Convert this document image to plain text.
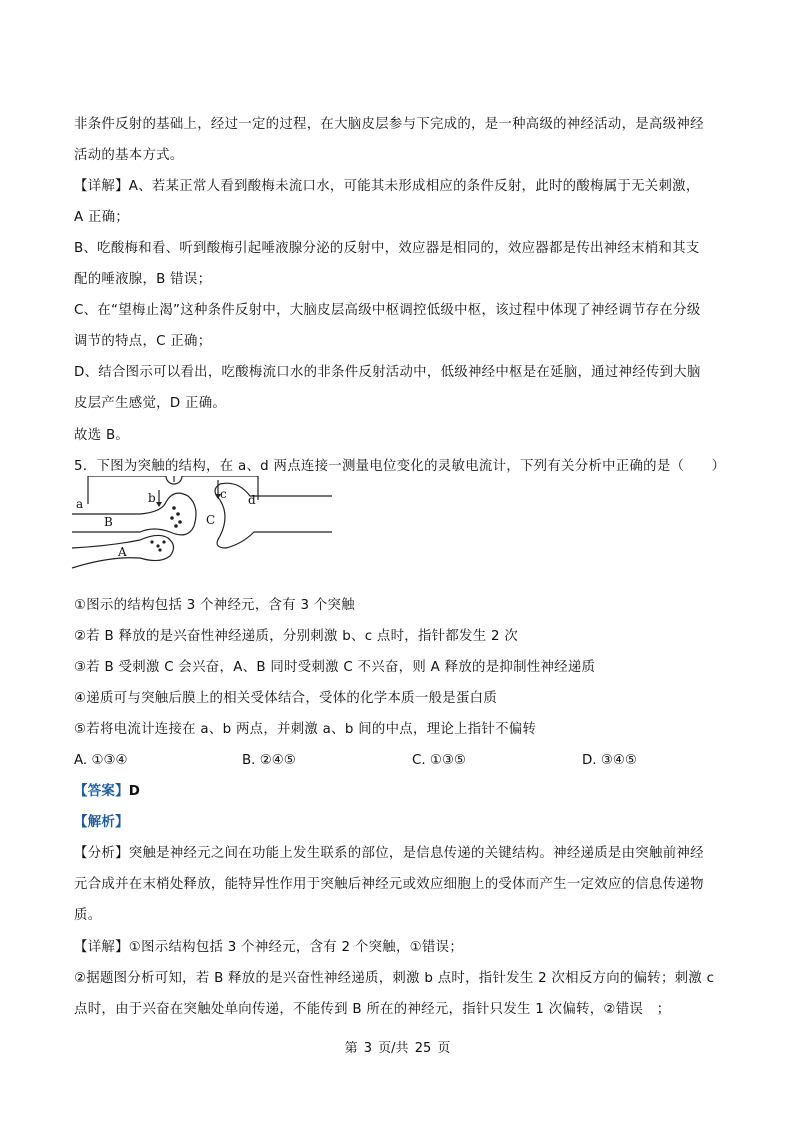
非条件反射的基础上，经过一定的过程，在大脑皮层参与下完成的，是一种高级的神经活动，是高级神经
活动的基本方式。
【详解】A、若某正常人看到酸梅未流口水，可能其未形成相应的条件反射，此时的酸梅属于无关刺激，
A 正确；
B、吃酸梅和看、听到酸梅引起唾液腺分泌的反射中，效应器是相同的，效应器都是传出神经末梢和其支
配的唾液腺，B 错误；
C、在“望梅止渴”这种条件反射中，大脑皮层高级中枢调控低级中枢，该过程中体现了神经调节存在分级
调节的特点，C 正确；
D、结合图示可以看出，吃酸梅流口水的非条件反射活动中，低级神经中枢是在延脑，通过神经传到大脑
皮层产生感觉，D 正确。
故选 B。
5．下图为突触的结构，在 a、d 两点连接一测量电位变化的灵敏电流计，下列有关分析中正确的是（　　）
a	b	c d
B	C
A
①图示的结构包括 3 个神经元，含有 3 个突触
②若 B 释放的是兴奋性神经递质，分别刺激 b、c 点时，指针都发生 2 次
③若 B 受刺激 C 会兴奋，A、B 同时受刺激 C 不兴奋，则 A 释放的是抑制性神经递质
④递质可与突触后膜上的相关受体结合，受体的化学本质一般是蛋白质
⑤若将电流计连接在 a、b 两点，并刺激 a、b 间的中点，理论上指针不偏转
A. ①③④	B. ②④⑤	C. ①③⑤	D. ③④⑤
【答案】D
【解析】
【分析】突触是神经元之间在功能上发生联系的部位，是信息传递的关键结构。神经递质是由突触前神经
元合成并在末梢处释放，能特异性作用于突触后神经元或效应细胞上的受体而产生一定效应的信息传递物
质。
【详解】①图示结构包括 3 个神经元，含有 2 个突触，①错误；
②据题图分析可知，若 B 释放的是兴奋性神经递质，刺激 b 点时，指针发生 2 次相反方向的偏转；刺激 c
点时，由于兴奋在突触处单向传递，不能传到 B 所在的神经元，指针只发生 1 次偏转，②错误　；
第 3 页/共 25 页
